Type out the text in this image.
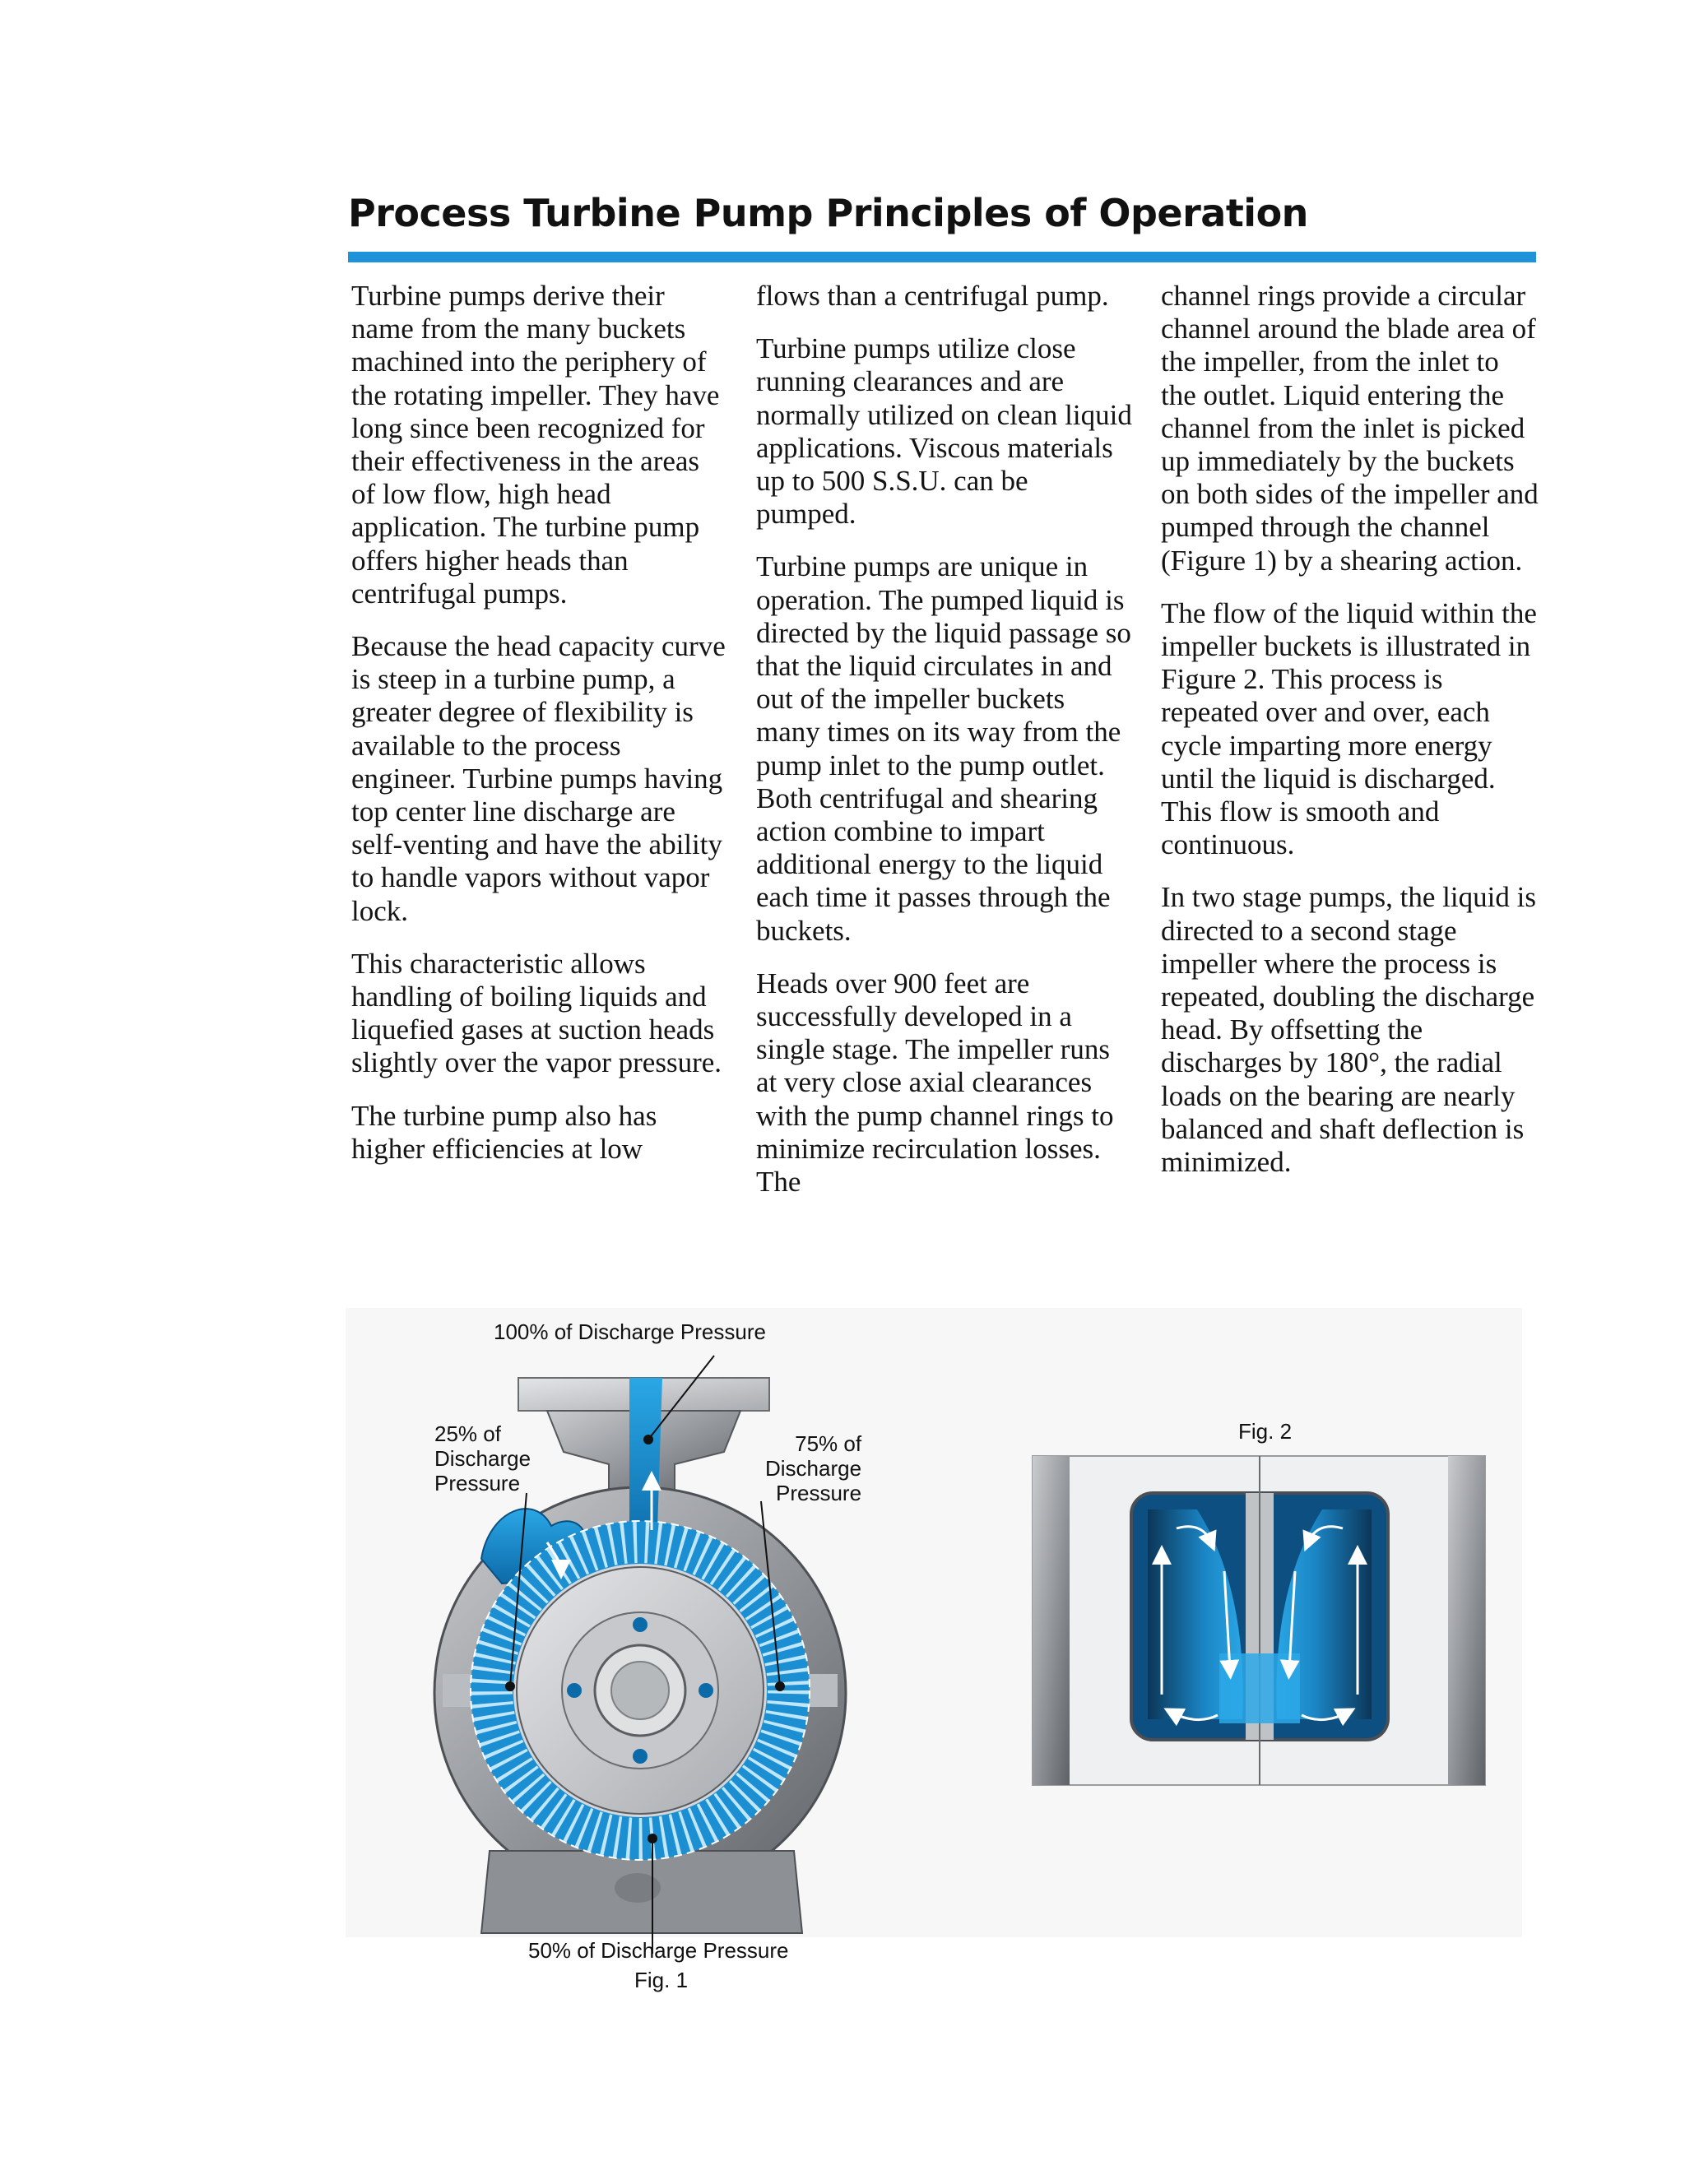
Process Turbine Pump Principles of Operation

Turbine pumps derive their name from the many buckets machined into the periphery of the rotating impeller. They have long since been recognized for their effectiveness in the areas of low flow, high head application. The turbine pump offers higher heads than centrifugal pumps.

Because the head capacity curve is steep in a turbine pump, a greater degree of flexibility is available to the process engineer. Turbine pumps having top center line discharge are self-venting and have the ability to handle vapors without vapor lock.

This characteristic allows handling of boiling liquids and liquefied gases at suction heads slightly over the vapor pressure.

The turbine pump also has higher efficiencies at low

flows than a centrifugal pump.

Turbine pumps utilize close running clearances and are normally utilized on clean liquid applications. Viscous materials up to 500 S.S.U. can be pumped.

Turbine pumps are unique in operation. The pumped liquid is directed by the liquid passage so that the liquid circulates in and out of the impeller buckets many times on its way from the pump inlet to the pump outlet. Both centrifugal and shearing action combine to impart additional energy to the liquid each time it passes through the buckets.

Heads over 900 feet are successfully developed in a single stage. The impeller runs at very close axial clearances with the pump channel rings to minimize recirculation losses. The

channel rings provide a circular channel around the blade area of the impeller, from the inlet to the outlet. Liquid entering the channel from the inlet is picked up immediately by the buckets on both sides of the impeller and pumped through the channel (Figure 1) by a shearing action.

The flow of the liquid within the impeller buckets is illustrated in Figure 2. This process is repeated over and over, each cycle imparting more energy until the liquid is discharged. This flow is smooth and continuous.

In two stage pumps, the liquid is directed to a second stage impeller where the process is repeated, doubling the discharge head. By offsetting the discharges by 180°, the radial loads on the bearing are nearly balanced and shaft deflection is minimized.

100% of Discharge Pressure
25% of
Discharge
Pressure
75% of
Discharge
Pressure
50% of Discharge Pressure
Fig. 1
Fig. 2
